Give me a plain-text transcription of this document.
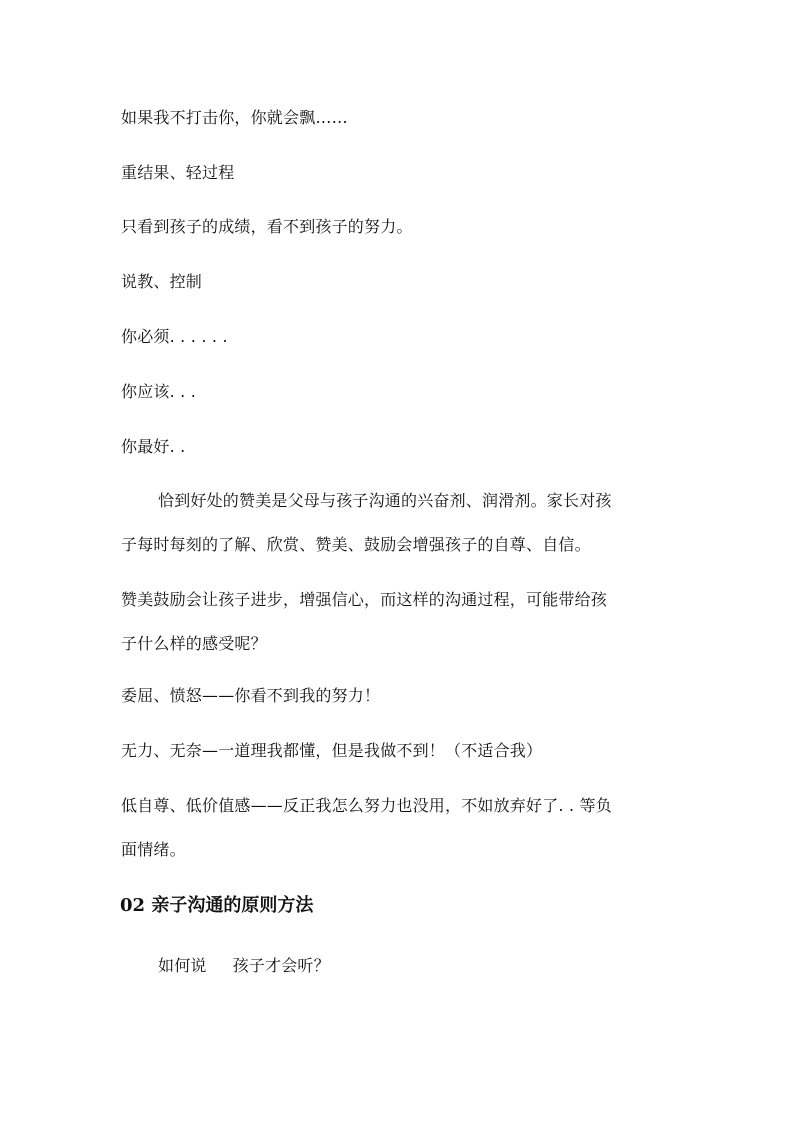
如果我不打击你，你就会飘……
重结果、轻过程
只看到孩子的成绩，看不到孩子的努力。
说教、控制
你必须. . . . . .
你应该. . .
你最好. .
恰到好处的赞美是父母与孩子沟通的兴奋剂、润滑剂。家长对孩
子每时每刻的了解、欣赏、赞美、鼓励会增强孩子的自尊、自信。
赞美鼓励会让孩子进步，增强信心，而这样的沟通过程，可能带给孩
子什么样的感受呢？
委屈、愤怒——你看不到我的努力！
无力、无奈—一道理我都懂，但是我做不到！（不适合我）
低自尊、低价值感——反正我怎么努力也没用，不如放弃好了. . 等负
面情绪。
02 亲子沟通的原则方法
如何说 孩子才会听？
